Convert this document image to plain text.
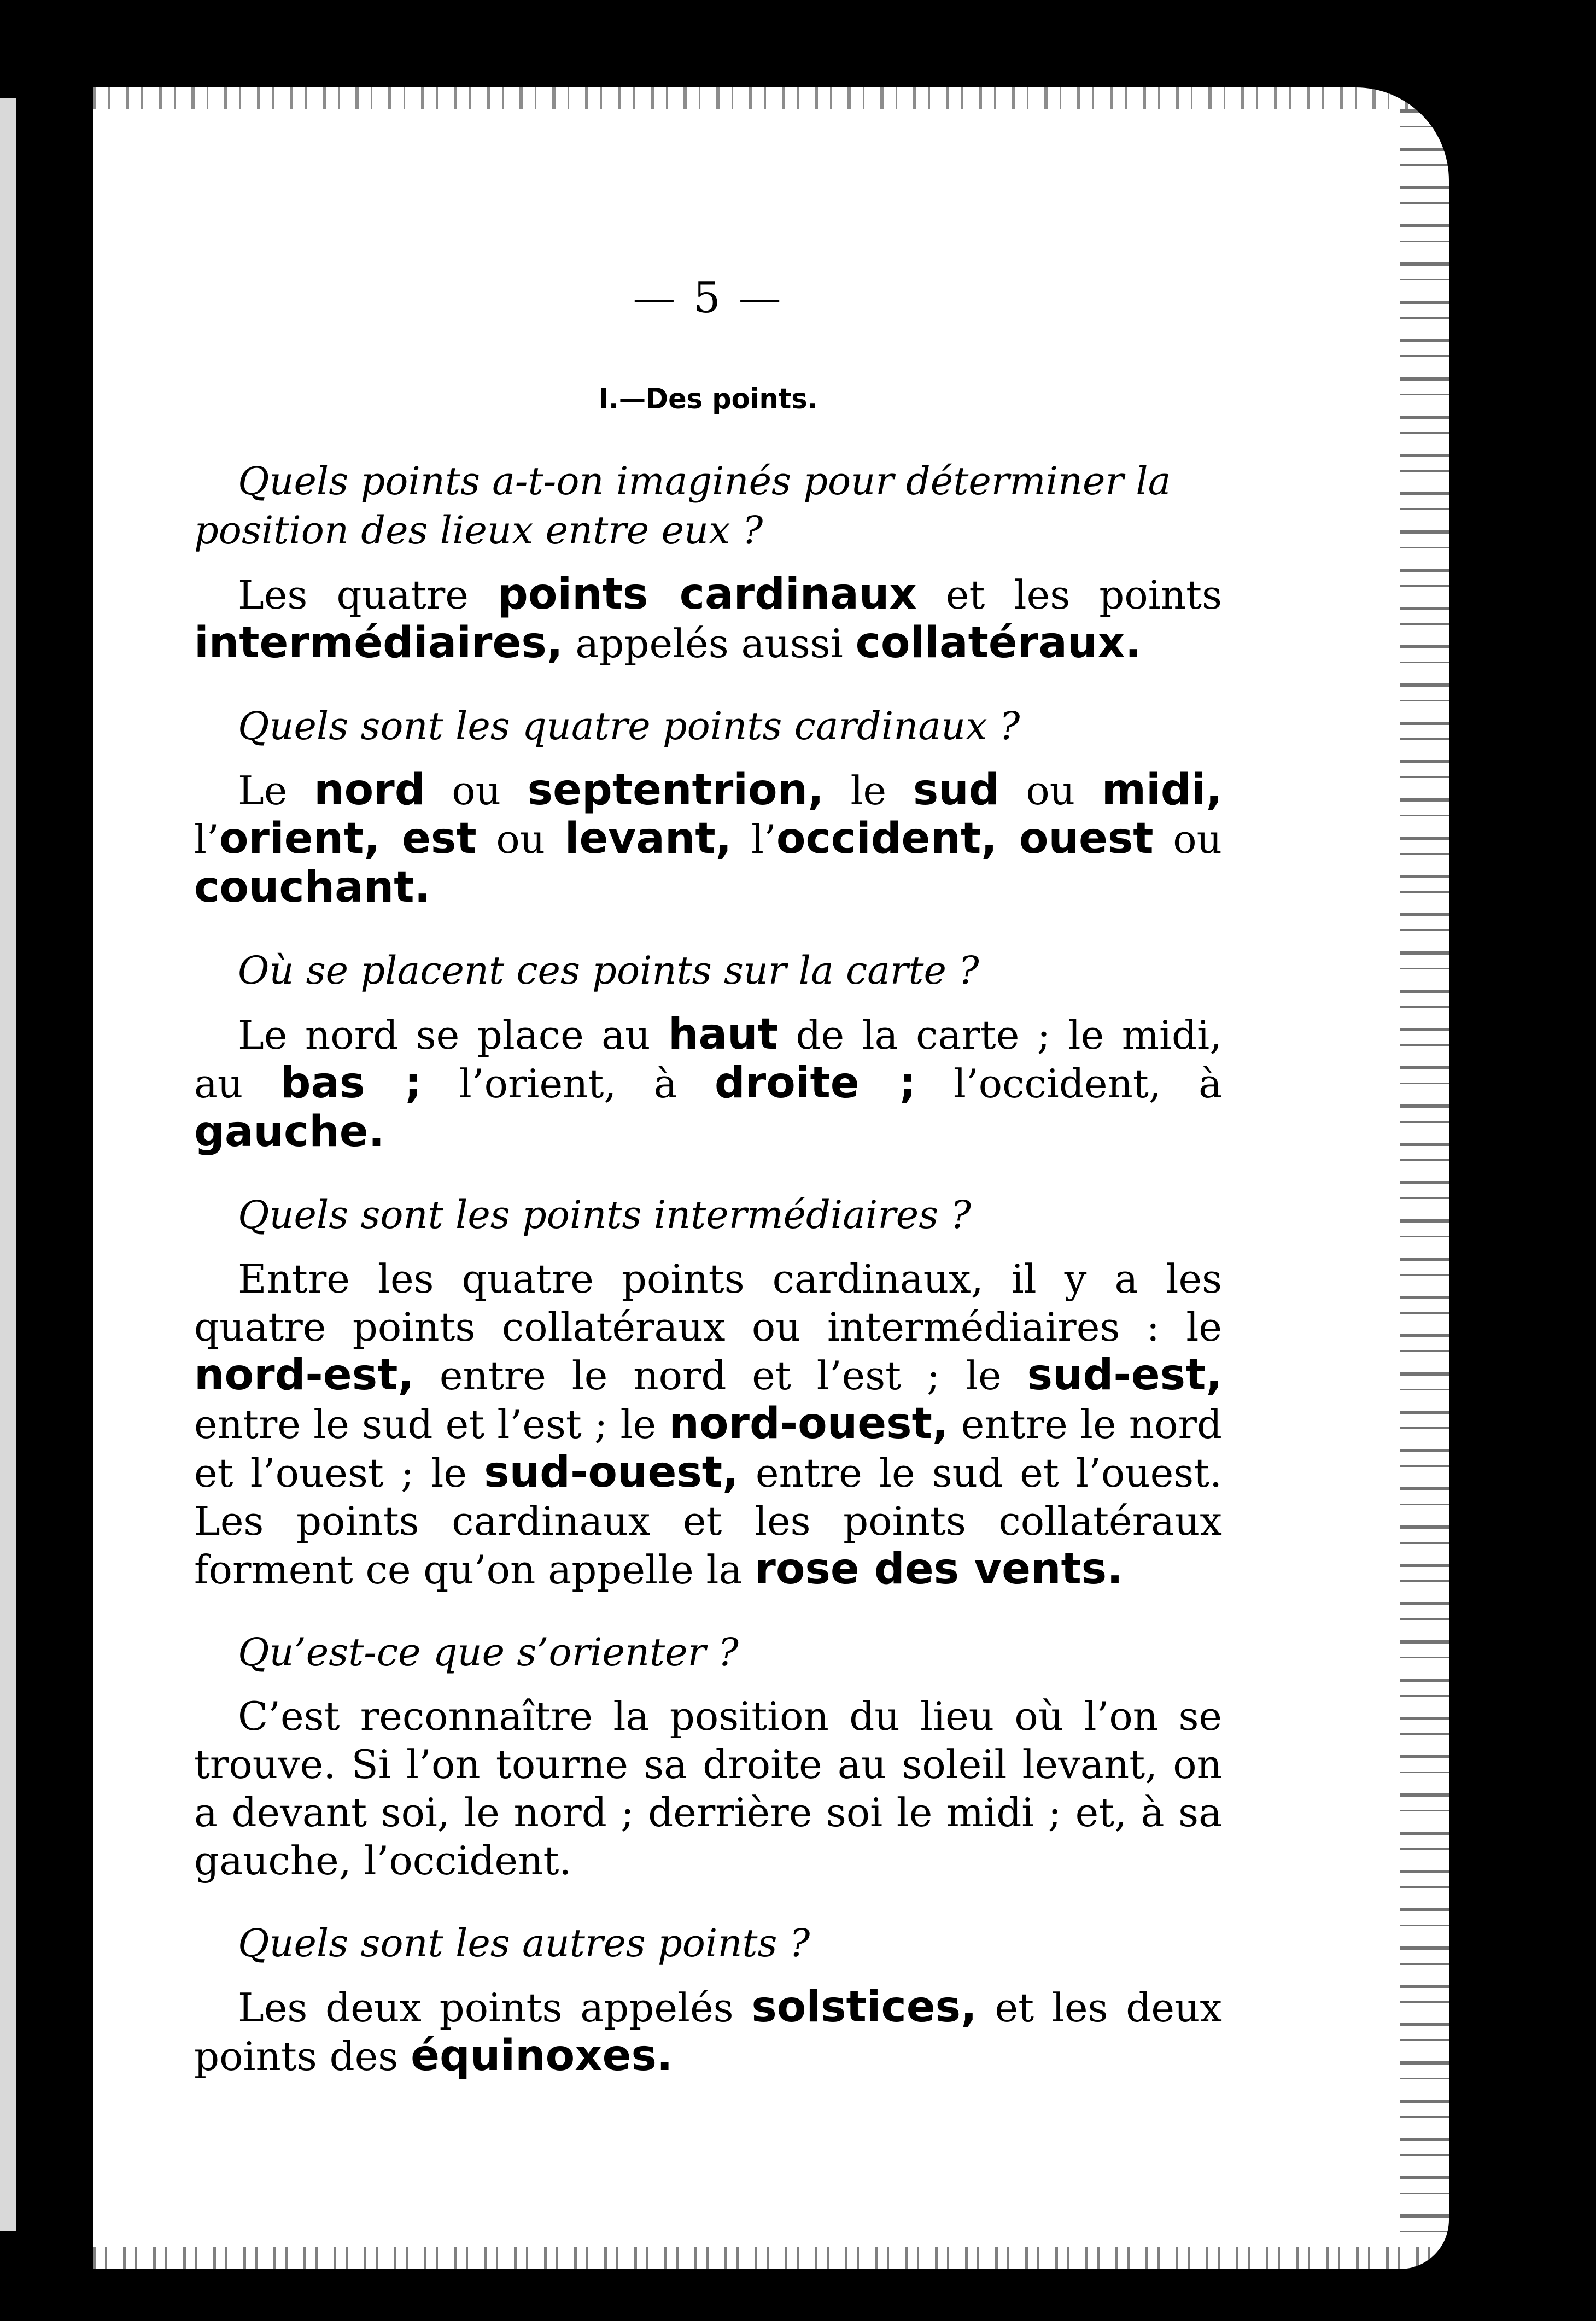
— 5 —
I.—Des points.

Quels points a-t-on imaginés pour déterminer la position des lieux entre eux ?

Les quatre points cardinaux et les points intermédiaires, appelés aussi collatéraux.

Quels sont les quatre points cardinaux ?

Le nord ou septentrion, le sud ou midi, l’orient, est ou levant, l’occident, ouest ou couchant.

Où se placent ces points sur la carte ?

Le nord se place au haut de la carte ; le midi, au bas ; l’orient, à droite ; l’occident, à gauche.

Quels sont les points intermédiaires ?

Entre les quatre points cardinaux, il y a les quatre points collatéraux ou intermédiaires : le nord-est, entre le nord et l’est ; le sud-est, entre le sud et l’est ; le nord-ouest, entre le nord et l’ouest ; le sud-ouest, entre le sud et l’ouest. Les points cardinaux et les points collatéraux forment ce qu’on appelle la rose des vents.

Qu’est-ce que s’orienter ?

C’est reconnaître la position du lieu où l’on se trouve. Si l’on tourne sa droite au soleil levant, on a devant soi, le nord ; derrière soi le midi ; et, à sa gauche, l’occident.

Quels sont les autres points ?

Les deux points appelés solstices, et les deux points des équinoxes.
